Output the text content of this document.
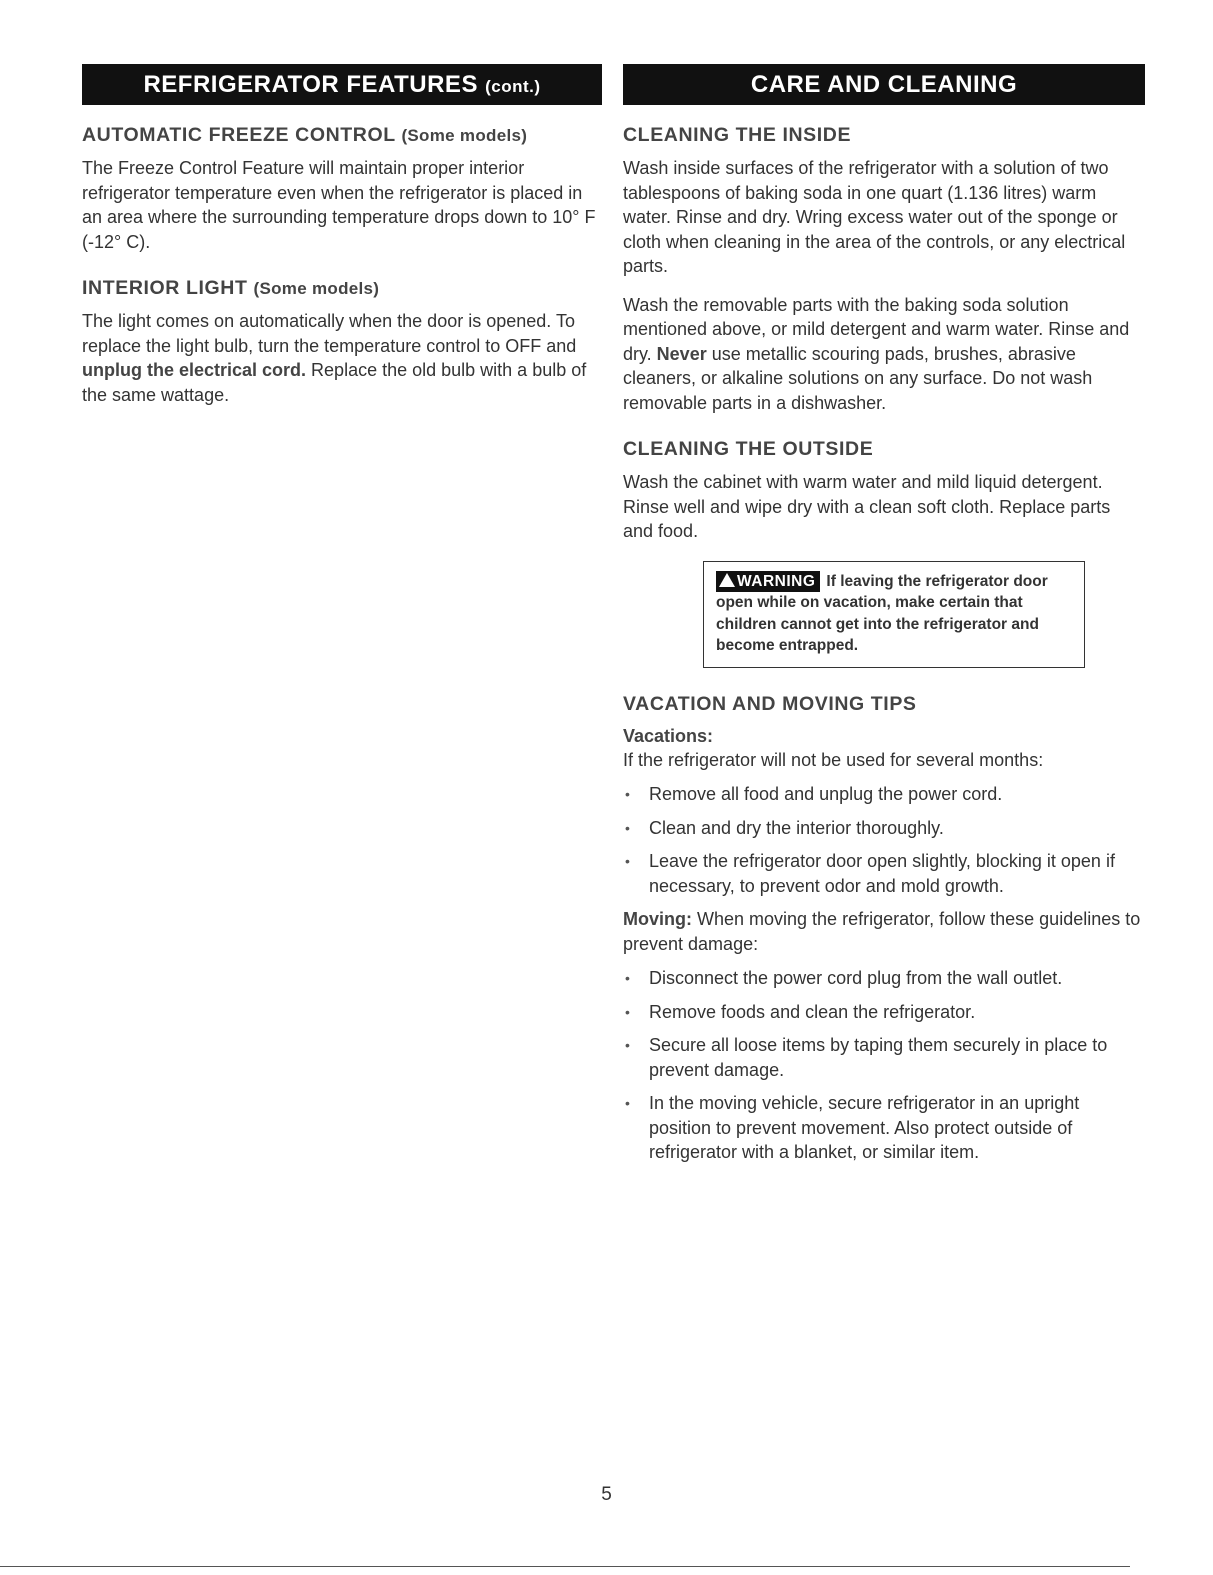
REFRIGERATOR FEATURES (cont.)
AUTOMATIC FREEZE CONTROL (Some models)

The Freeze Control Feature will maintain proper interior refrigerator temperature even when the refrigerator is placed in an area where the surrounding temperature drops down to 10° F (-12° C).

INTERIOR LIGHT (Some models)

The light comes on automatically when the door is opened. To replace the light bulb, turn the temperature control to OFF and unplug the electrical cord. Replace the old bulb with a bulb of the same wattage.

CARE AND CLEANING
CLEANING THE INSIDE

Wash inside surfaces of the refrigerator with a solution of two tablespoons of baking soda in one quart (1.136 litres) warm water. Rinse and dry. Wring excess water out of the sponge or cloth when cleaning in the area of the controls, or any electrical parts.

Wash the removable parts with the baking soda solution mentioned above, or mild detergent and warm water. Rinse and dry. Never use metallic scouring pads, brushes, abrasive cleaners, or alkaline solutions on any surface. Do not wash removable parts in a dishwasher.

CLEANING THE OUTSIDE

Wash the cabinet with warm water and mild liquid detergent. Rinse well and wipe dry with a clean soft cloth. Replace parts and food.

WARNING If leaving the refrigerator door open while on vacation, make certain that children cannot get into the refrigerator and become entrapped.
VACATION AND MOVING TIPS

Vacations:

If the refrigerator will not be used for several months:

• Remove all food and unplug the power cord.
• Clean and dry the interior thoroughly.
• Leave the refrigerator door open slightly, blocking it open if necessary, to prevent odor and mold growth.

Moving: When moving the refrigerator, follow these guidelines to prevent damage:

• Disconnect the power cord plug from the wall outlet.
• Remove foods and clean the refrigerator.
• Secure all loose items by taping them securely in place to prevent damage.
• In the moving vehicle, secure refrigerator in an upright position to prevent movement. Also protect outside of refrigerator with a blanket, or similar item.
5
